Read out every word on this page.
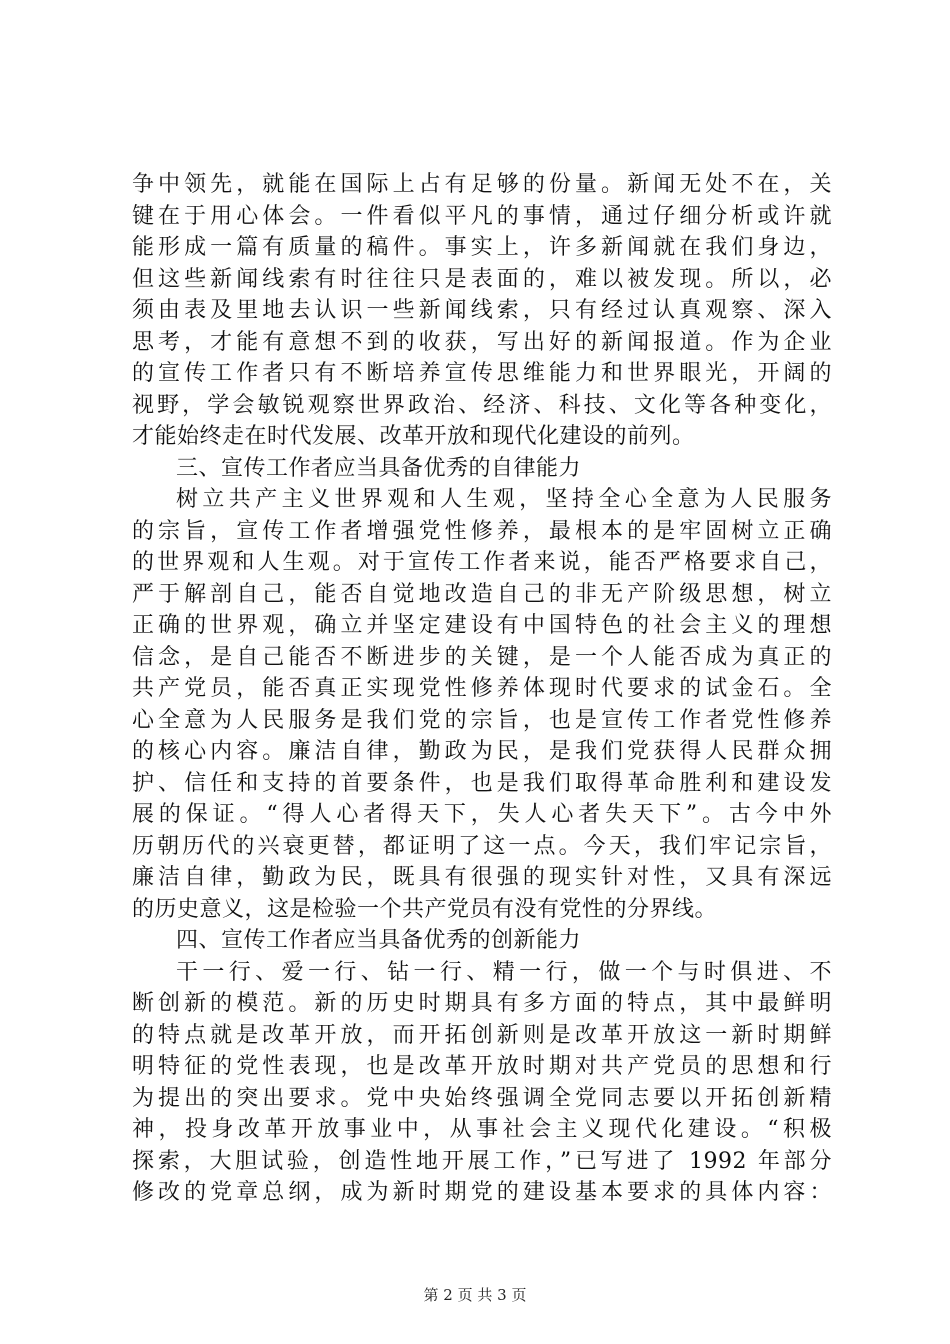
争中领先，就能在国际上占有足够的份量。新闻无处不在，关
键在于用心体会。一件看似平凡的事情，通过仔细分析或许就
能形成一篇有质量的稿件。事实上，许多新闻就在我们身边，
但这些新闻线索有时往往只是表面的，难以被发现。所以，必
须由表及里地去认识一些新闻线索，只有经过认真观察、深入
思考，才能有意想不到的收获，写出好的新闻报道。作为企业
的宣传工作者只有不断培养宣传思维能力和世界眼光，开阔的
视野，学会敏锐观察世界政治、经济、科技、文化等各种变化，
才能始终走在时代发展、改革开放和现代化建设的前列。
三、宣传工作者应当具备优秀的自律能力
树立共产主义世界观和人生观，坚持全心全意为人民服务
的宗旨，宣传工作者增强党性修养，最根本的是牢固树立正确
的世界观和人生观。对于宣传工作者来说，能否严格要求自己，
严于解剖自己，能否自觉地改造自己的非无产阶级思想，树立
正确的世界观，确立并坚定建设有中国特色的社会主义的理想
信念，是自己能否不断进步的关键，是一个人能否成为真正的
共产党员，能否真正实现党性修养体现时代要求的试金石。全
心全意为人民服务是我们党的宗旨，也是宣传工作者党性修养
的核心内容。廉洁自律，勤政为民，是我们党获得人民群众拥
护、信任和支持的首要条件，也是我们取得革命胜利和建设发
展的保证。“得人心者得天下，失人心者失天下”。古今中外
历朝历代的兴衰更替，都证明了这一点。今天，我们牢记宗旨，
廉洁自律，勤政为民，既具有很强的现实针对性，又具有深远
的历史意义，这是检验一个共产党员有没有党性的分界线。
四、宣传工作者应当具备优秀的创新能力
干一行、爱一行、钻一行、精一行，做一个与时俱进、不
断创新的模范。新的历史时期具有多方面的特点，其中最鲜明
的特点就是改革开放，而开拓创新则是改革开放这一新时期鲜
明特征的党性表现，也是改革开放时期对共产党员的思想和行
为提出的突出要求。党中央始终强调全党同志要以开拓创新精
神，投身改革开放事业中，从事社会主义现代化建设。“积极
探索，大胆试验，创造性地开展工作，”已写进了 1992 年部分
修改的党章总纲，成为新时期党的建设基本要求的具体内容：
第 2 页 共 3 页
